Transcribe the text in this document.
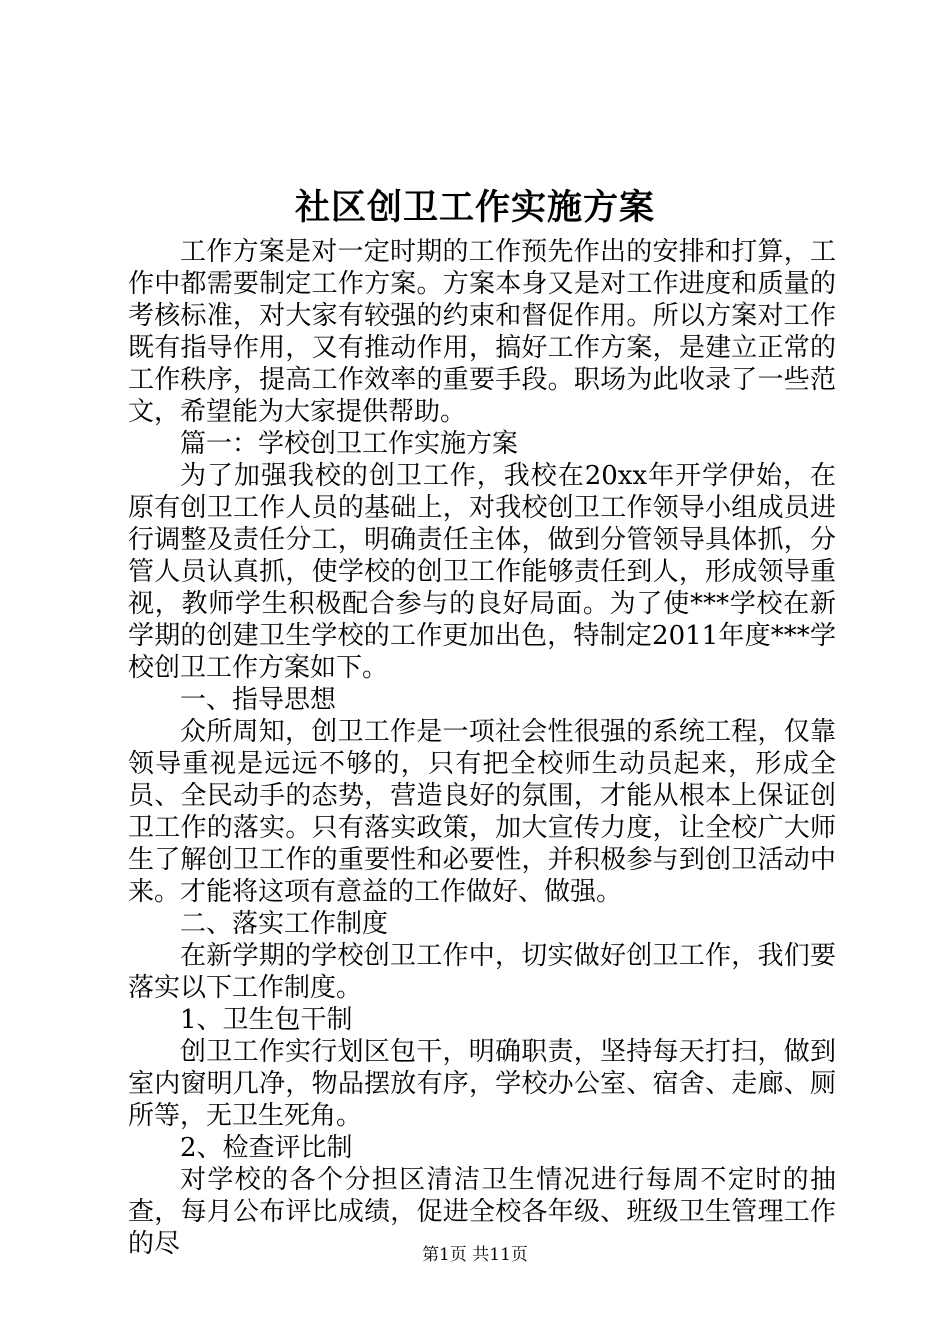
社区创卫工作实施方案

工作方案是对一定时期的工作预先作出的安排和打算，工作中都需要制定工作方案。方案本身又是对工作进度和质量的考核标准，对大家有较强的约束和督促作用。所以方案对工作既有指导作用，又有推动作用，搞好工作方案，是建立正常的工作秩序，提高工作效率的重要手段。职场为此收录了一些范文，希望能为大家提供帮助。

篇一：学校创卫工作实施方案

为了加强我校的创卫工作，我校在20xx年开学伊始，在原有创卫工作人员的基础上，对我校创卫工作领导小组成员进行调整及责任分工，明确责任主体，做到分管领导具体抓，分管人员认真抓，使学校的创卫工作能够责任到人，形成领导重视，教师学生积极配合参与的良好局面。为了使***学校在新学期的创建卫生学校的工作更加出色，特制定2011年度***学校创卫工作方案如下。

一、指导思想

众所周知，创卫工作是一项社会性很强的系统工程，仅靠领导重视是远远不够的，只有把全校师生动员起来，形成全员、全民动手的态势，营造良好的氛围，才能从根本上保证创卫工作的落实。只有落实政策，加大宣传力度，让全校广大师生了解创卫工作的重要性和必要性，并积极参与到创卫活动中来。才能将这项有意益的工作做好、做强。

二、落实工作制度

在新学期的学校创卫工作中，切实做好创卫工作，我们要落实以下工作制度。

1、卫生包干制

创卫工作实行划区包干，明确职责，坚持每天打扫，做到室内窗明几净，物品摆放有序，学校办公室、宿舍、走廊、厕所等，无卫生死角。

2、检查评比制

对学校的各个分担区清洁卫生情况进行每周不定时的抽查，每月公布评比成绩，促进全校各年级、班级卫生管理工作的尽	第1页 共11页
